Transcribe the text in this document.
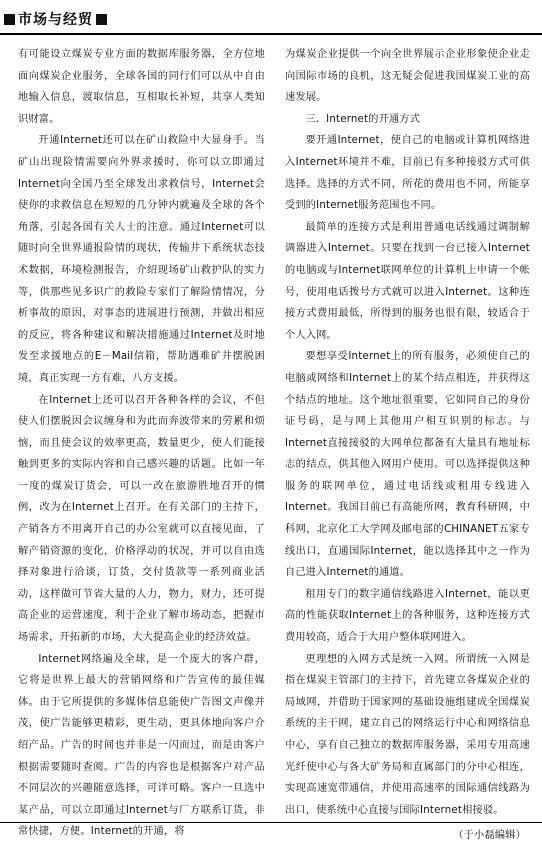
市场与经贸

有可能设立煤炭专业方面的数据库服务器，全方位地面向煤炭企业服务，全球各国的同行们可以从中自由地输入信息，渡取信息，互相取长补短，共享人类知识财富。

开通Internet还可以在矿山救险中大显身手。当矿山出现险情需要向外界求援时，你可以立即通过Internet向全国乃至全球发出求救信号，Internet会使你的求救信息在短短的几分钟内就遍及全球的各个角落，引起各国有关人士的注意。通过Internet可以随时向全世界通报险情的现状，传输井下系统状态技术数据，环境检测报告，介绍现场矿山救护队的实力等，供那些见多识广的救险专家们了解险情情况，分析事故的原因，对事态的进展进行预测，并做出相应的反应，将各种建议和解决措施通过Internet及时地发至求援地点的E－Mail信箱，帮助遇难矿井摆脱困境，真正实现一方有难，八方支援。

在Internet上还可以召开各种各样的会议，不但使人们摆脱因会议缠身和为此而奔波带来的劳累和烦恼，而且使会议的效率更高，数量更少，使人们能接触到更多的实际内容和自己感兴趣的话题。比如一年一度的煤炭订货会，可以一改在旅游胜地召开的惯例，改为在Internet上召开。在有关部门的主持下，产销各方不用离开自己的办公室就可以直接见面，了解产销资源的变化，价格浮动的状况，并可以自由选择对象进行洽谈，订货，交付货款等一系列商业活动，这样做可节省大量的人力，物力，财力，还可提高企业的运营速度，利于企业了解市场动态，把握市场需求，开拓新的市场，大大提高企业的经济效益。

Internet网络遍及全球，是一个庞大的客户群，它将是世界上最大的营销网络和广告宣传的最佳媒体。由于它所提供的多媒体信息能使广告图文声像并茂，使广告能够更精彩，更生动，更具体地向客户介绍产品。广告的时间也并非是一闪而过，而是由客户根据需要随时查阅。广告的内容也是根据客户对产品不同层次的兴趣随意选择，可详可略。客户一旦选中某产品，可以立即通过Internet与厂方联系订货，非常快捷，方便。Internet的开通，将

为煤炭企业提供一个向全世界展示企业形象使企业走向国际市场的良机，这无疑会促进我国煤炭工业的高速发展。

三．Internet的开通方式

要开通Internet，使自己的电脑或计算机网络进入Internet环境并不难，目前已有多种接驳方式可供选择。选择的方式不同，所花的费用也不同，所能享受到的Internet服务范围也不同。

最简单的连接方式是利用普通电话线通过调制解调器进入Internet。只要在找到一台已接入Internet的电脑或与Internet联网单位的计算机上申请一个帐号，使用电话拨号方式就可以进入Internet。这种连接方式费用最低，所得到的服务也很有限，较适合于个人入网。

要想享受Internet上的所有服务，必须使自己的电脑或网络和Internet上的某个结点相连，并获得这个结点的地址。这个地址很重要，它如同自己的身份证号码，是与网上其他用户相互识别的标志。与Internet直接接驳的大网单位都备有大量具有地址标志的结点，供其他入网用户使用。可以选择提供这种服务的联网单位，通过电话线或租用专线进入Internet。我国目前已有高能所网，教育科研网，中科网，北京化工大学网及邮电部的CHINANET五家专线出口，直通国际Internet，能以选择其中之一作为自己进入Internet的通道。

租用专门的数字通信线路进入Internet，能以更高的性能获取Internet上的各种服务，这种连接方式费用较高，适合于大用户整体联网进入。

更理想的入网方式是统一入网。所谓统一入网是指在煤炭主管部门的主持下，首先建立各煤炭企业的局域网，并借助于国家网的基础设施组建成全国煤炭系统的主干网，建立自己的网络运行中心和网络信息中心，享有自己独立的数据库服务器，采用专用高速光纤使中心与各大矿务局和直属部门的分中心相连，实现高速宽带通信，并使用高速率的国际通信线路为出口，使系统中心直接与国际Internet相接驳。

（于小磊编辑）
